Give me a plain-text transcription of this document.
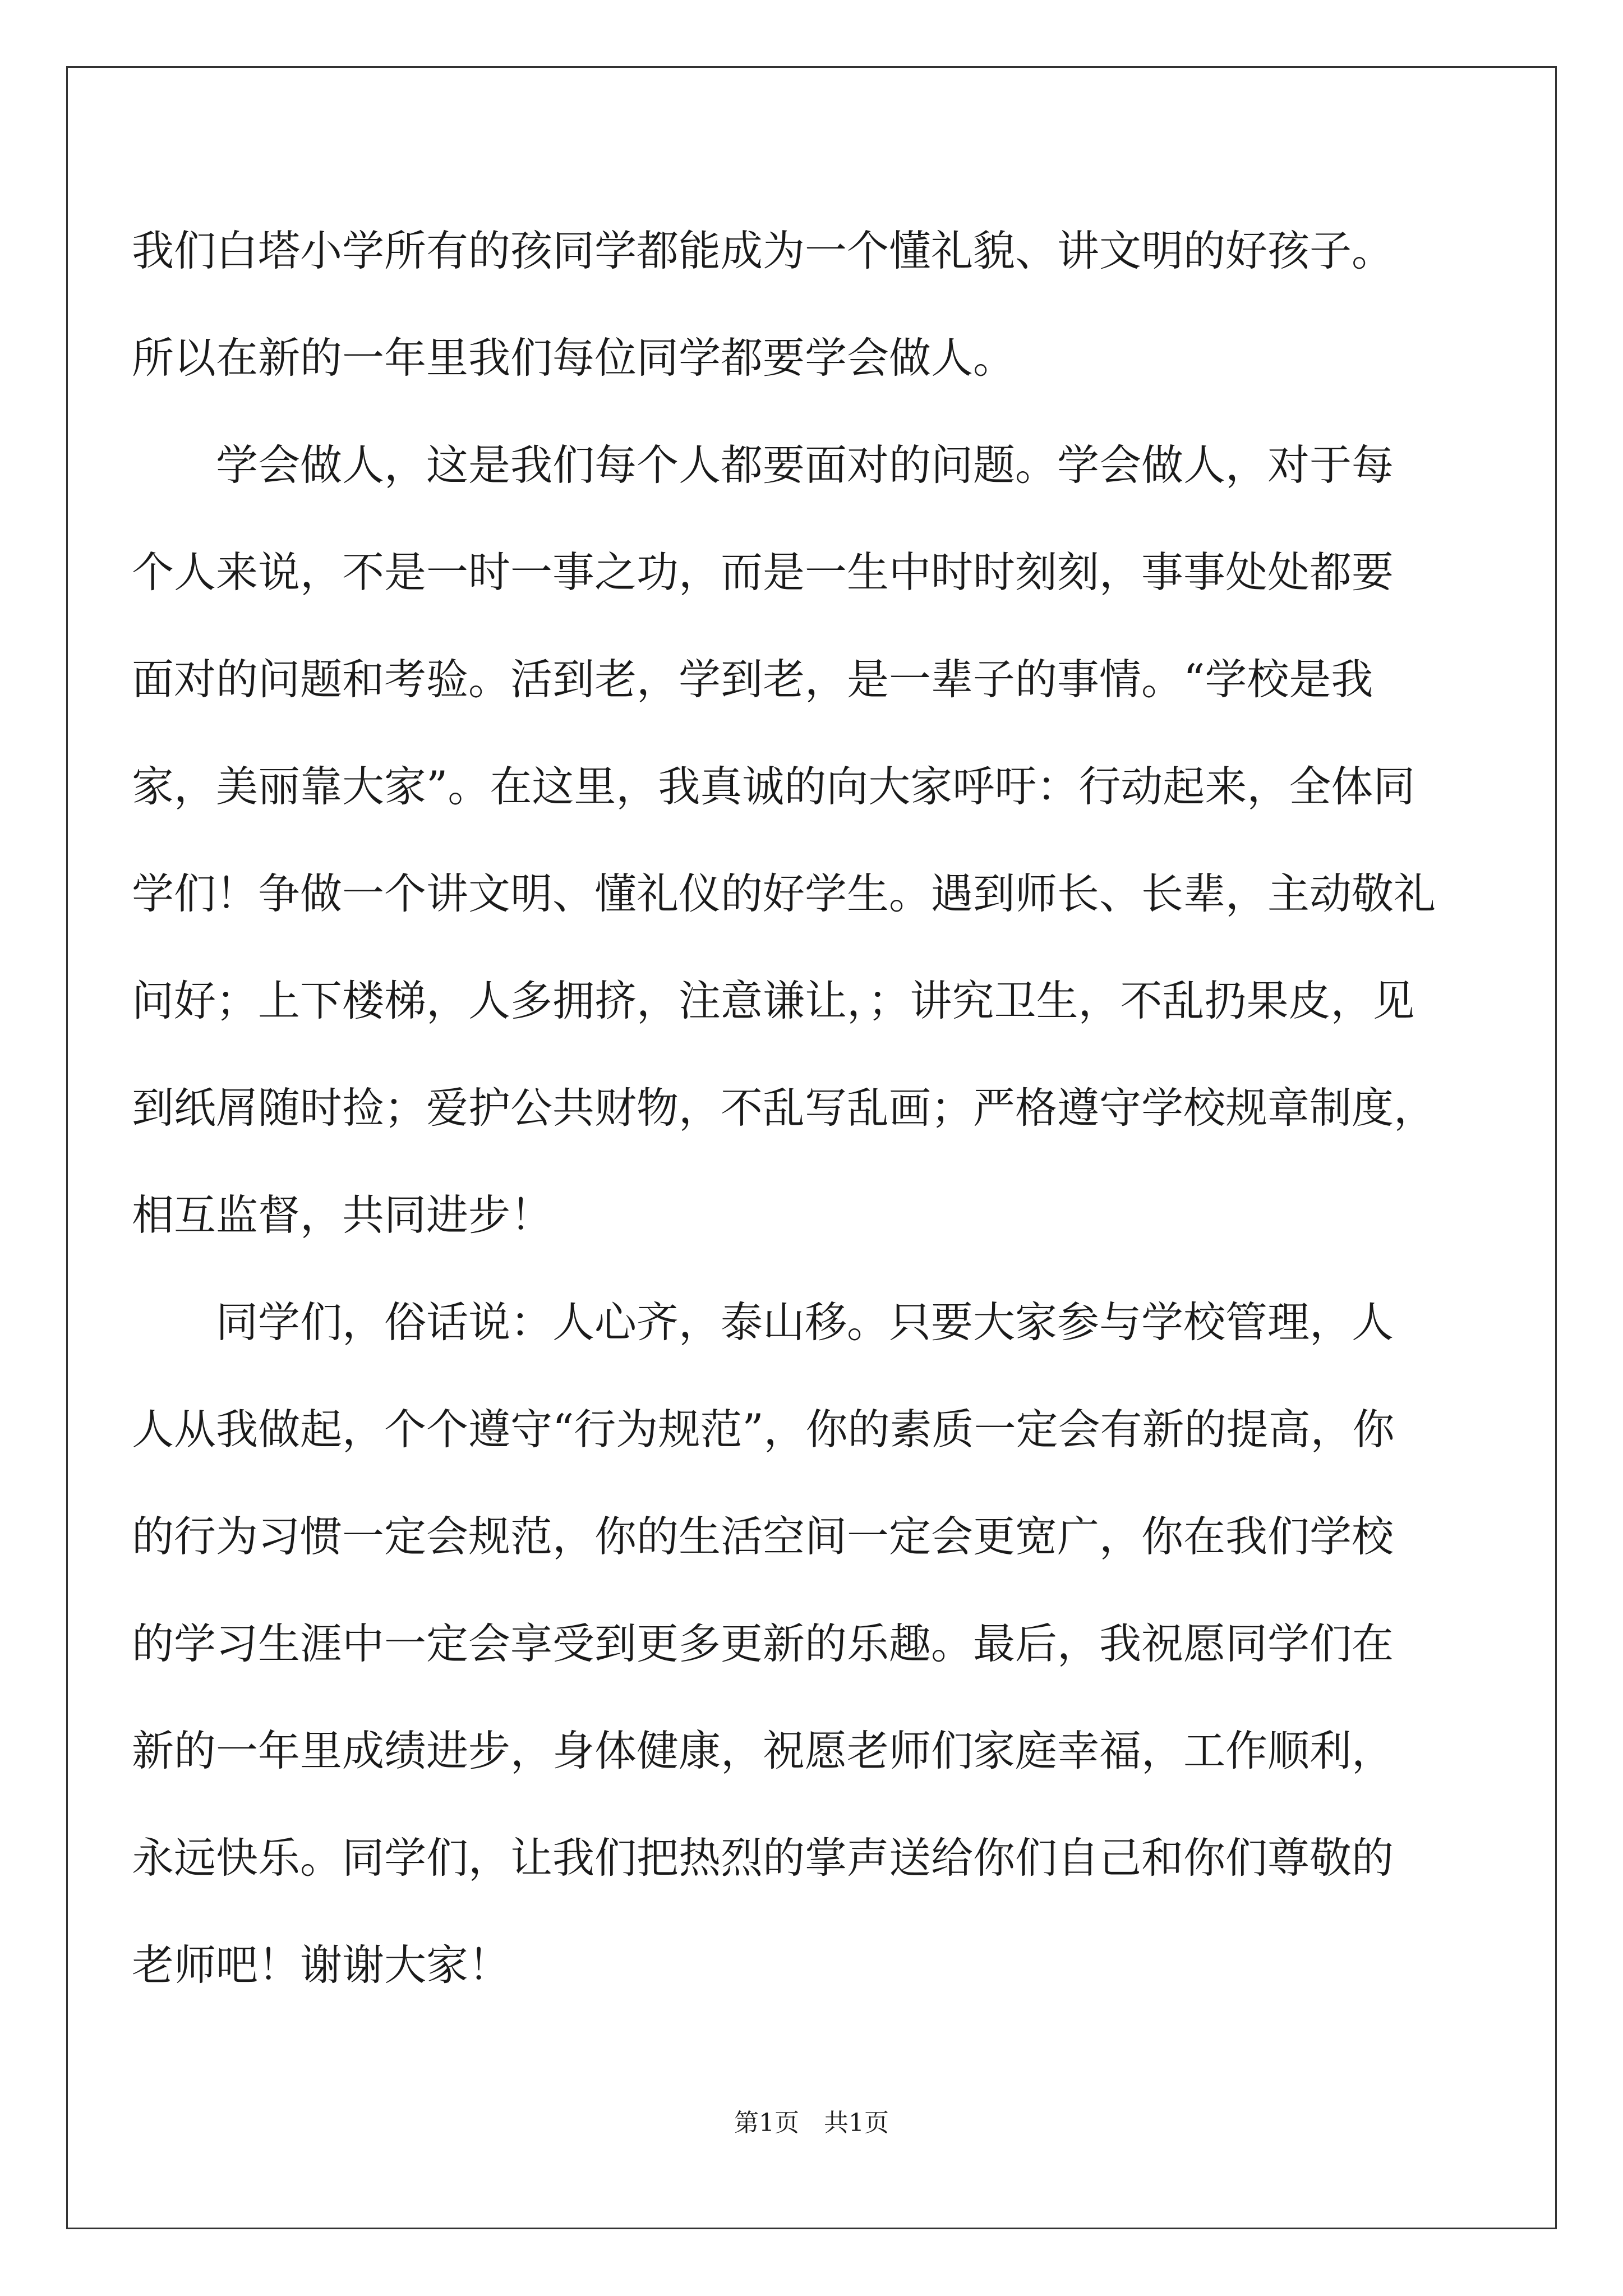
我们白塔小学所有的孩同学都能成为一个懂礼貌、讲文明的好孩子。
所以在新的一年里我们每位同学都要学会做人。
　　学会做人，这是我们每个人都要面对的问题。学会做人，对于每
个人来说，不是一时一事之功，而是一生中时时刻刻，事事处处都要
面对的问题和考验。活到老，学到老，是一辈子的事情。“学校是我
家，美丽靠大家”。在这里，我真诚的向大家呼吁：行动起来，全体同
学们！争做一个讲文明、懂礼仪的好学生。遇到师长、长辈，主动敬礼
问好；上下楼梯，人多拥挤，注意谦让，；讲究卫生，不乱扔果皮，见
到纸屑随时捡；爱护公共财物，不乱写乱画；严格遵守学校规章制度，
相互监督，共同进步！
　　同学们，俗话说：人心齐，泰山移。只要大家参与学校管理，人
人从我做起，个个遵守“行为规范”，你的素质一定会有新的提高，你
的行为习惯一定会规范，你的生活空间一定会更宽广，你在我们学校
的学习生涯中一定会享受到更多更新的乐趣。最后，我祝愿同学们在
新的一年里成绩进步，身体健康，祝愿老师们家庭幸福，工作顺利，
永远快乐。同学们，让我们把热烈的掌声送给你们自己和你们尊敬的
老师吧！谢谢大家！
第1页　共1页
